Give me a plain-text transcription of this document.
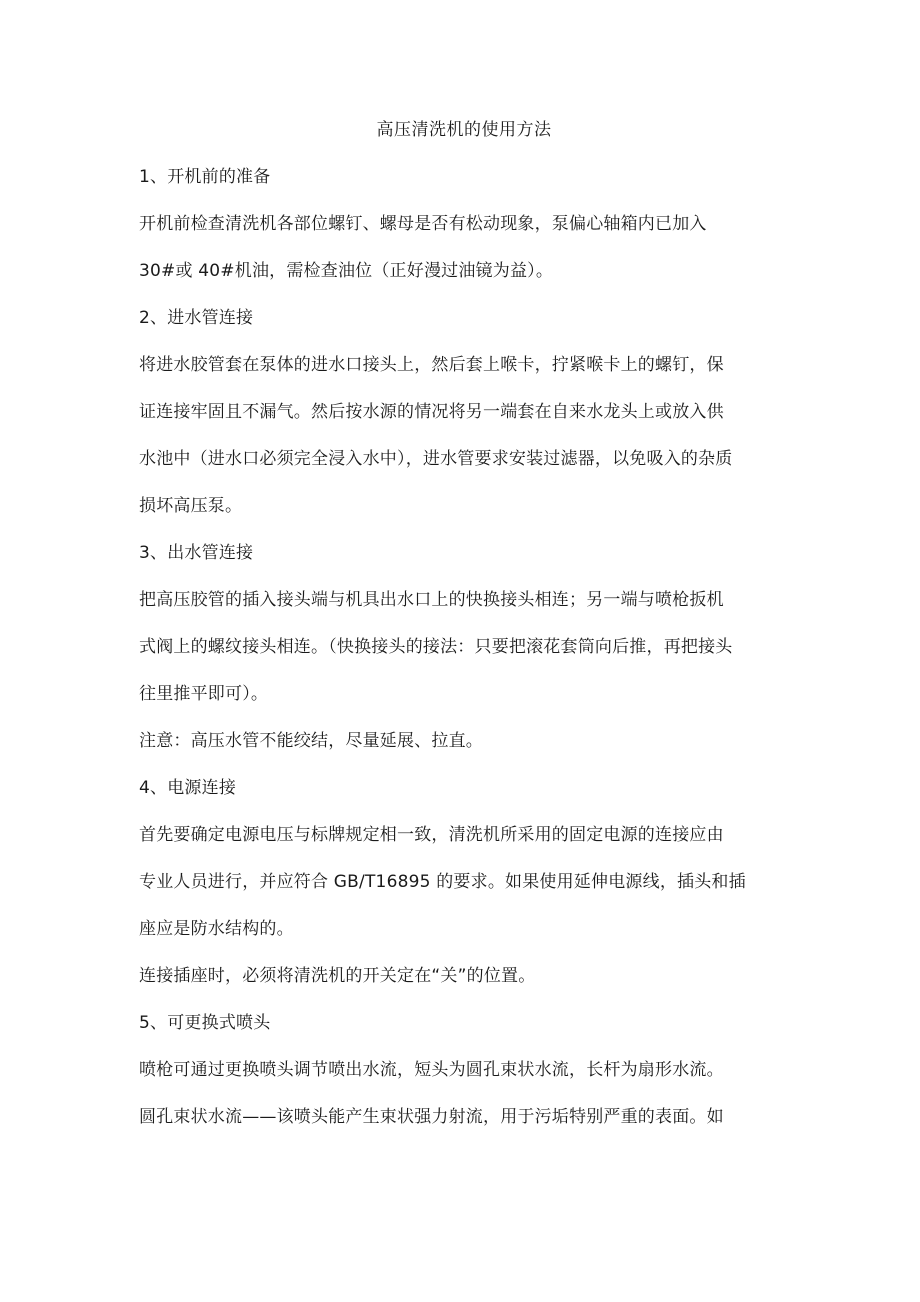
高压清洗机的使用方法
1、开机前的准备
开机前检查清洗机各部位螺钉、螺母是否有松动现象，泵偏心轴箱内已加入
30#或 40#机油，需检查油位（正好漫过油镜为益）。
2、进水管连接
将进水胶管套在泵体的进水口接头上，然后套上喉卡，拧紧喉卡上的螺钉，保
证连接牢固且不漏气。然后按水源的情况将另一端套在自来水龙头上或放入供
水池中（进水口必须完全浸入水中），进水管要求安装过滤器，以免吸入的杂质
损坏高压泵。
3、出水管连接
把高压胶管的插入接头端与机具出水口上的快换接头相连；另一端与喷枪扳机
式阀上的螺纹接头相连。（快换接头的接法：只要把滚花套筒向后推，再把接头
往里推平即可）。
注意：高压水管不能绞结，尽量延展、拉直。
4、电源连接
首先要确定电源电压与标牌规定相一致，清洗机所采用的固定电源的连接应由
专业人员进行，并应符合 GB/T16895 的要求。如果使用延伸电源线，插头和插
座应是防水结构的。
连接插座时，必须将清洗机的开关定在“关”的位置。
5、可更换式喷头
喷枪可通过更换喷头调节喷出水流，短头为圆孔束状水流，长杆为扇形水流。
圆孔束状水流——该喷头能产生束状强力射流，用于污垢特别严重的表面。如
